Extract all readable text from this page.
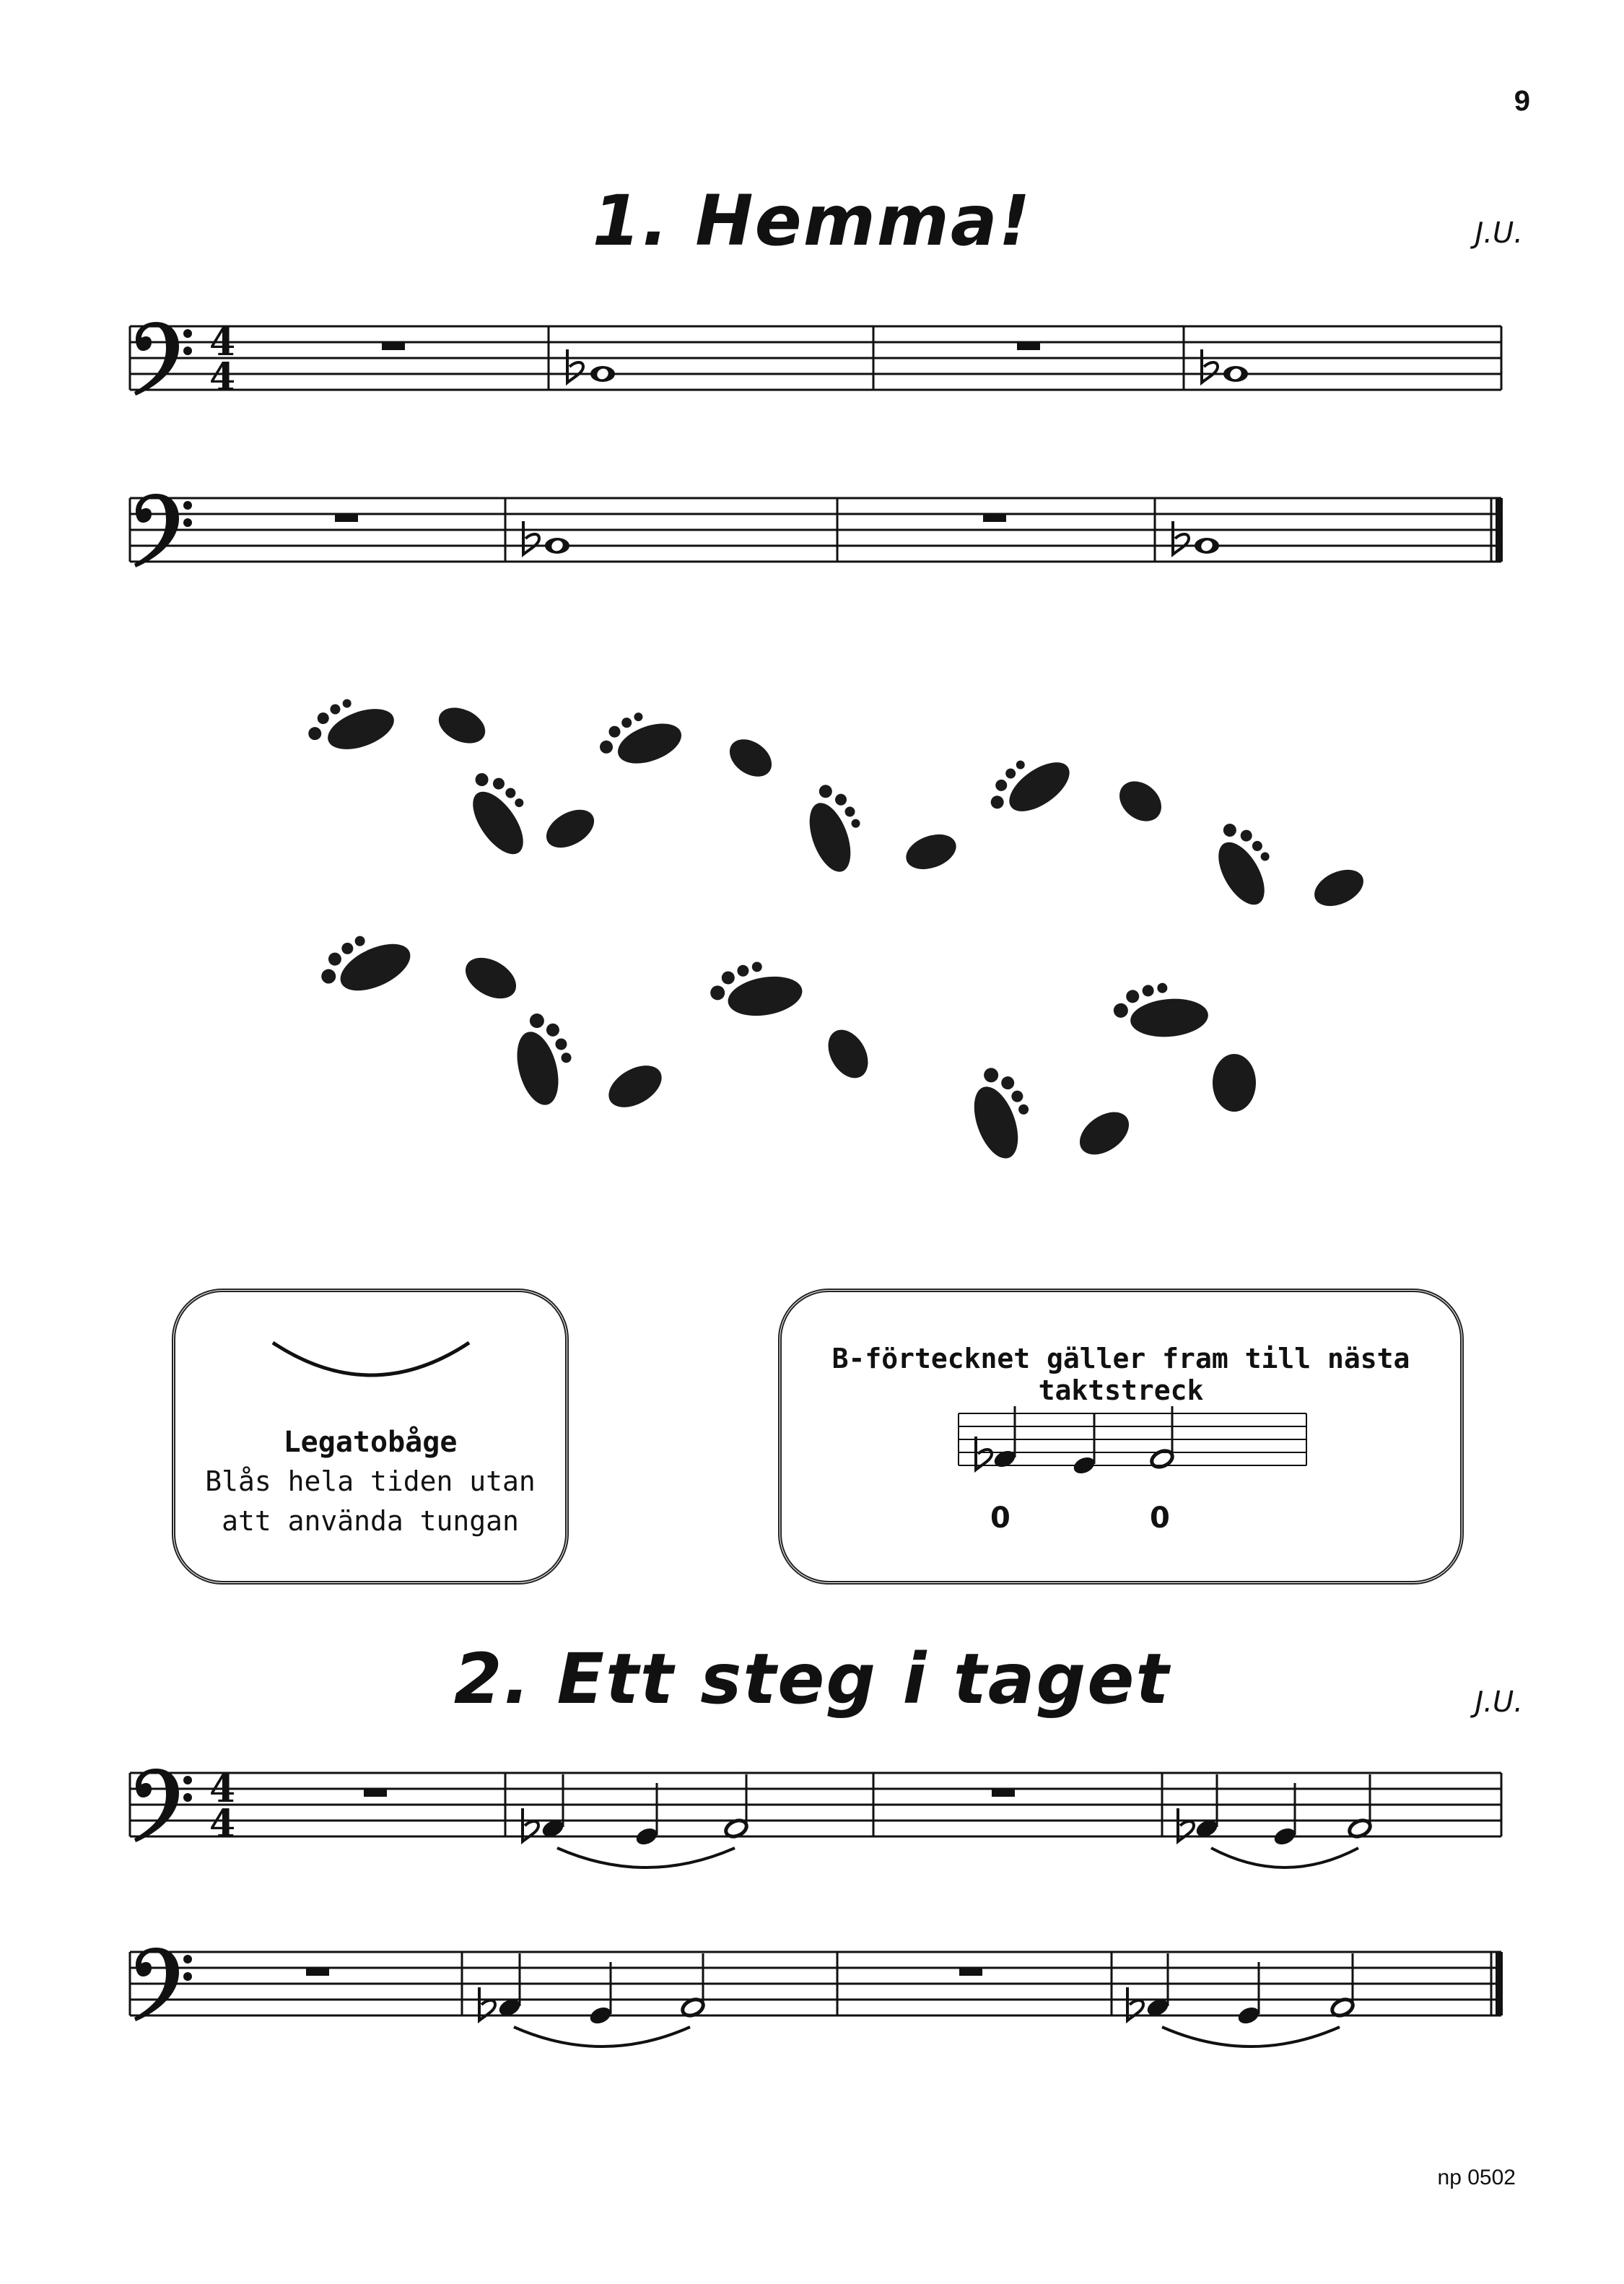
9
1. Hemma!	J.U.
2. Ett steg i taget	J.U.
4
4
4
4
Legatobåge
Blås hela tiden utan
att använda tungan
B-förtecknet gäller fram till nästa taktstreck
0	0
np 0502
